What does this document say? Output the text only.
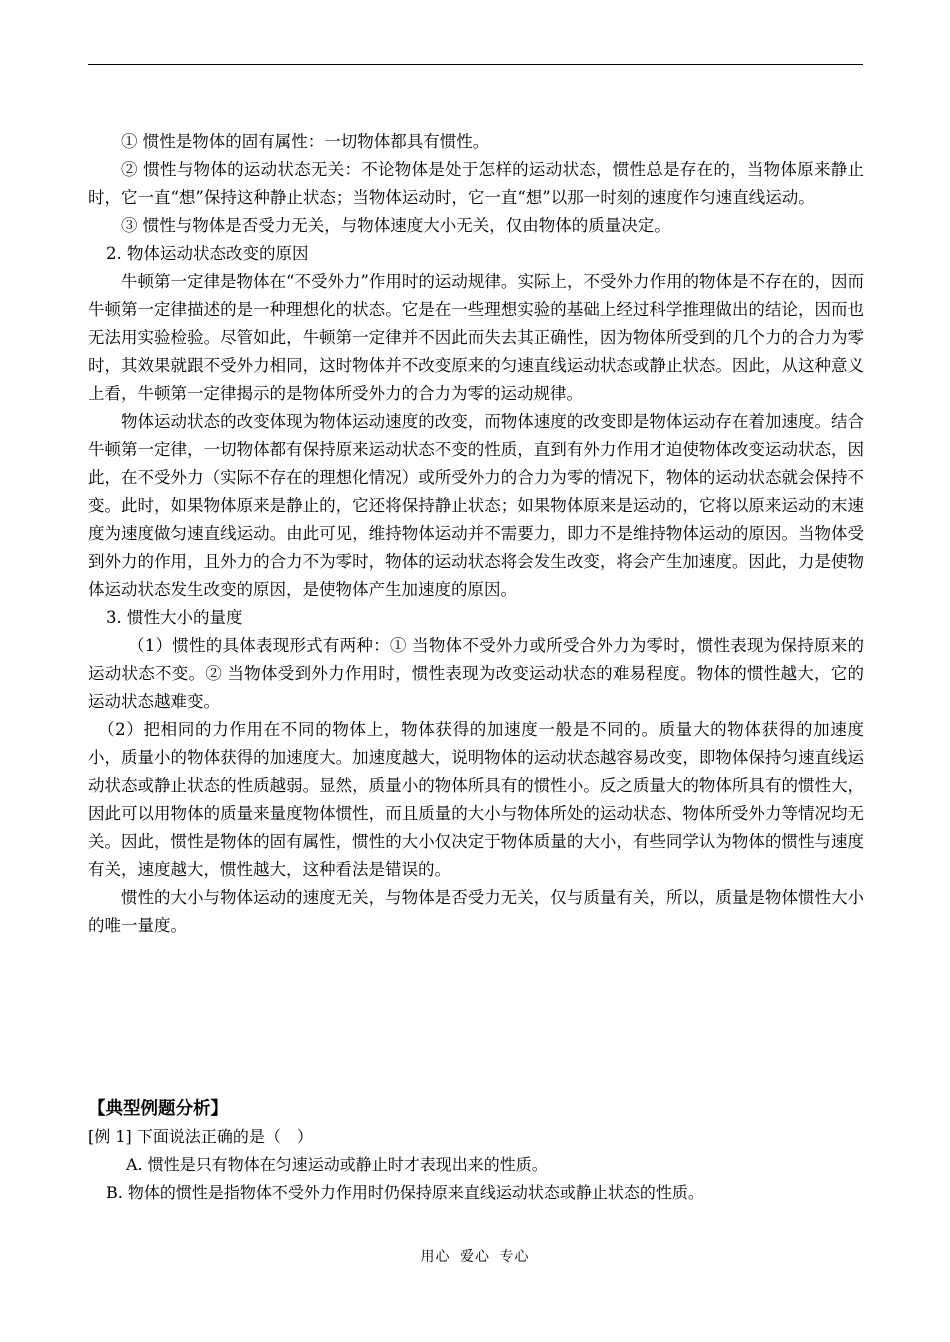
① 惯性是物体的固有属性：一切物体都具有惯性。

② 惯性与物体的运动状态无关：不论物体是处于怎样的运动状态，惯性总是存在的，当物体原来静止时，它一直“想”保持这种静止状态；当物体运动时，它一直“想”以那一时刻的速度作匀速直线运动。

③ 惯性与物体是否受力无关，与物体速度大小无关，仅由物体的质量决定。

2. 物体运动状态改变的原因

牛顿第一定律是物体在“不受外力”作用时的运动规律。实际上，不受外力作用的物体是不存在的，因而牛顿第一定律描述的是一种理想化的状态。它是在一些理想实验的基础上经过科学推理做出的结论，因而也无法用实验检验。尽管如此，牛顿第一定律并不因此而失去其正确性，因为物体所受到的几个力的合力为零时，其效果就跟不受外力相同，这时物体并不改变原来的匀速直线运动状态或静止状态。因此，从这种意义上看，牛顿第一定律揭示的是物体所受外力的合力为零的运动规律。

物体运动状态的改变体现为物体运动速度的改变，而物体速度的改变即是物体运动存在着加速度。结合牛顿第一定律，一切物体都有保持原来运动状态不变的性质，直到有外力作用才迫使物体改变运动状态，因此，在不受外力（实际不存在的理想化情况）或所受外力的合力为零的情况下，物体的运动状态就会保持不变。此时，如果物体原来是静止的，它还将保持静止状态；如果物体原来是运动的，它将以原来运动的末速度为速度做匀速直线运动。由此可见，维持物体运动并不需要力，即力不是维持物体运动的原因。当物体受到外力的作用，且外力的合力不为零时，物体的运动状态将会发生改变，将会产生加速度。因此，力是使物体运动状态发生改变的原因，是使物体产生加速度的原因。

3. 惯性大小的量度

（1）惯性的具体表现形式有两种：① 当物体不受外力或所受合外力为零时，惯性表现为保持原来的运动状态不变。② 当物体受到外力作用时，惯性表现为改变运动状态的难易程度。物体的惯性越大，它的运动状态越难变。

（2）把相同的力作用在不同的物体上，物体获得的加速度一般是不同的。质量大的物体获得的加速度小，质量小的物体获得的加速度大。加速度越大，说明物体的运动状态越容易改变，即物体保持匀速直线运动状态或静止状态的性质越弱。显然，质量小的物体所具有的惯性小。反之质量大的物体所具有的惯性大，因此可以用物体的质量来量度物体惯性，而且质量的大小与物体所处的运动状态、物体所受外力等情况均无关。因此，惯性是物体的固有属性，惯性的大小仅决定于物体质量的大小，有些同学认为物体的惯性与速度有关，速度越大，惯性越大，这种看法是错误的。

惯性的大小与物体运动的速度无关，与物体是否受力无关，仅与质量有关，所以，质量是物体惯性大小的唯一量度。

【典型例题分析】

[例 1] 下面说法正确的是（　）

A. 惯性是只有物体在匀速运动或静止时才表现出来的性质。

B. 物体的惯性是指物体不受外力作用时仍保持原来直线运动状态或静止状态的性质。

用心 爱心 专心
